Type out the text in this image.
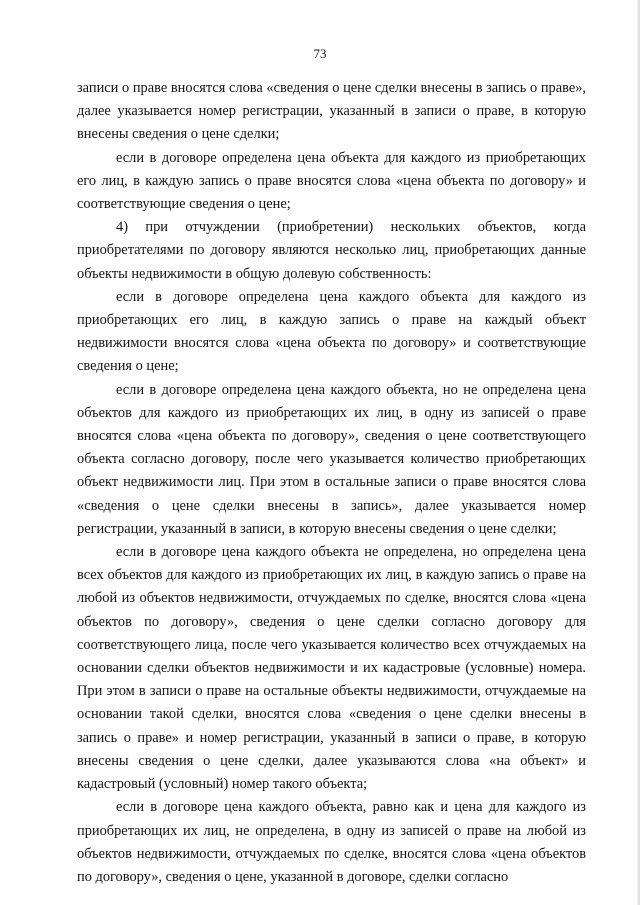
73

записи о праве вносятся слова «сведения о цене сделки внесены в запись о праве», далее указывается номер регистрации, указанный в записи о праве, в которую внесены сведения о цене сделки;

если в договоре определена цена объекта для каждого из приобретающих его лиц, в каждую запись о праве вносятся слова «цена объекта по договору» и соответствующие сведения о цене;

4) при отчуждении (приобретении) нескольких объектов, когда приобретателями по договору являются несколько лиц, приобретающих данные объекты недвижимости в общую долевую собственность:

если в договоре определена цена каждого объекта для каждого из приобретающих его лиц, в каждую запись о праве на каждый объект недвижимости вносятся слова «цена объекта по договору» и соответствующие сведения о цене;

если в договоре определена цена каждого объекта, но не определена цена объектов для каждого из приобретающих их лиц, в одну из записей о праве вносятся слова «цена объекта по договору», сведения о цене соответствующего объекта согласно договору, после чего указывается количество приобретающих объект недвижимости лиц. При этом в остальные записи о праве вносятся слова «сведения о цене сделки внесены в запись», далее указывается номер регистрации, указанный в записи, в которую внесены сведения о цене сделки;

если в договоре цена каждого объекта не определена, но определена цена всех объектов для каждого из приобретающих их лиц, в каждую запись о праве на любой из объектов недвижимости, отчуждаемых по сделке, вносятся слова «цена объектов по договору», сведения о цене сделки согласно договору для соответствующего лица, после чего указывается количество всех отчуждаемых на основании сделки объектов недвижимости и их кадастровые (условные) номера. При этом в записи о праве на остальные объекты недвижимости, отчуждаемые на основании такой сделки, вносятся слова «сведения о цене сделки внесены в запись о праве» и номер регистрации, указанный в записи о праве, в которую внесены сведения о цене сделки, далее указываются слова «на объект» и кадастровый (условный) номер такого объекта;

если в договоре цена каждого объекта, равно как и цена для каждого из приобретающих их лиц, не определена, в одну из записей о праве на любой из объектов недвижимости, отчуждаемых по сделке, вносятся слова «цена объектов по договору», сведения о цене, указанной в договоре, сделки согласно
